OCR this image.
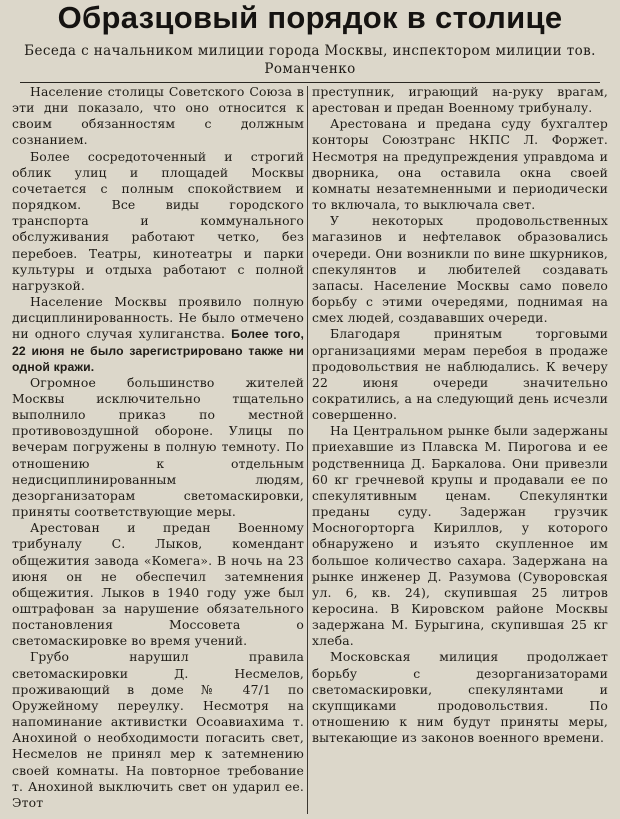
Образцовый порядок в столице

Беседа с начальником милиции города Москвы, инспектором милиции тов. Романченко

Население столицы Советского Союза в эти дни показало, что оно относится к своим обязанностям с должным сознанием.

Более сосредоточенный и строгий облик улиц и площадей Москвы сочетается с полным спокойствием и порядком. Все виды городского транспорта и коммунального обслуживания работают четко, без перебоев. Театры, кинотеатры и парки культуры и отдыха работают с полной нагрузкой.

Население Москвы проявило полную дисциплинированность. Не было отмечено ни одного случая хулиганства. Более того, 22 июня не было зарегистрировано также ни одной кражи.

Огромное большинство жителей Москвы исключительно тщательно выполнило приказ по местной противовоздушной обороне. Улицы по вечерам погружены в полную темноту. По отношению к отдельным недисциплинированным людям, дезорганизаторам светомаскировки, приняты соответствующие меры.

Арестован и предан Военному трибуналу С. Лыков, комендант общежития завода «Комега». В ночь на 23 июня он не обеспечил затемнения общежития. Лыков в 1940 году уже был оштрафован за нарушение обязательного постановления Моссовета о светомаскировке во время учений.

Грубо нарушил правила светомаскировки Д. Несмелов, проживающий в доме № 47/1 по Оружейному переулку. Несмотря на напоминание активистки Осоавиахима т. Анохиной о необходимости погасить свет, Несмелов не принял мер к затемнению своей комнаты. На повторное требование т. Анохиной выключить свет он ударил ее. Этот

преступник, играющий на-руку врагам, арестован и предан Военному трибуналу.

Арестована и предана суду бухгалтер конторы Союзтранс НКПС Л. Форжет. Несмотря на предупреждения управдома и дворника, она оставила окна своей комнаты незатемненными и периодически то включала, то выключала свет.

У некоторых продовольственных магазинов и нефтелавок образовались очереди. Они возникли по вине шкурников, спекулянтов и любителей создавать запасы. Население Москвы само повело борьбу с этими очередями, поднимая на смех людей, создававших очереди.

Благодаря принятым торговыми организациями мерам перебоя в продаже продовольствия не наблюдались. К вечеру 22 июня очереди значительно сократились, а на следующий день исчезли совершенно.

На Центральном рынке были задержаны приехавшие из Плавска М. Пирогова и ее родственница Д. Баркалова. Они привезли 60 кг гречневой крупы и продавали ее по спекулятивным ценам. Спекулянтки преданы суду. Задержан грузчик Мосногорторга Кириллов, у которого обнаружено и изъято скупленное им большое количество сахара. Задержана на рынке инженер Д. Разумова (Суворовская ул. 6, кв. 24), скупившая 25 литров керосина. В Кировском районе Москвы задержана М. Бурыгина, скупившая 25 кг хлеба.

Московская милиция продолжает борьбу с дезорганизаторами светомаскировки, спекулянтами и скупщиками продовольствия. По отношению к ним будут приняты меры, вытекающие из законов военного времени.
